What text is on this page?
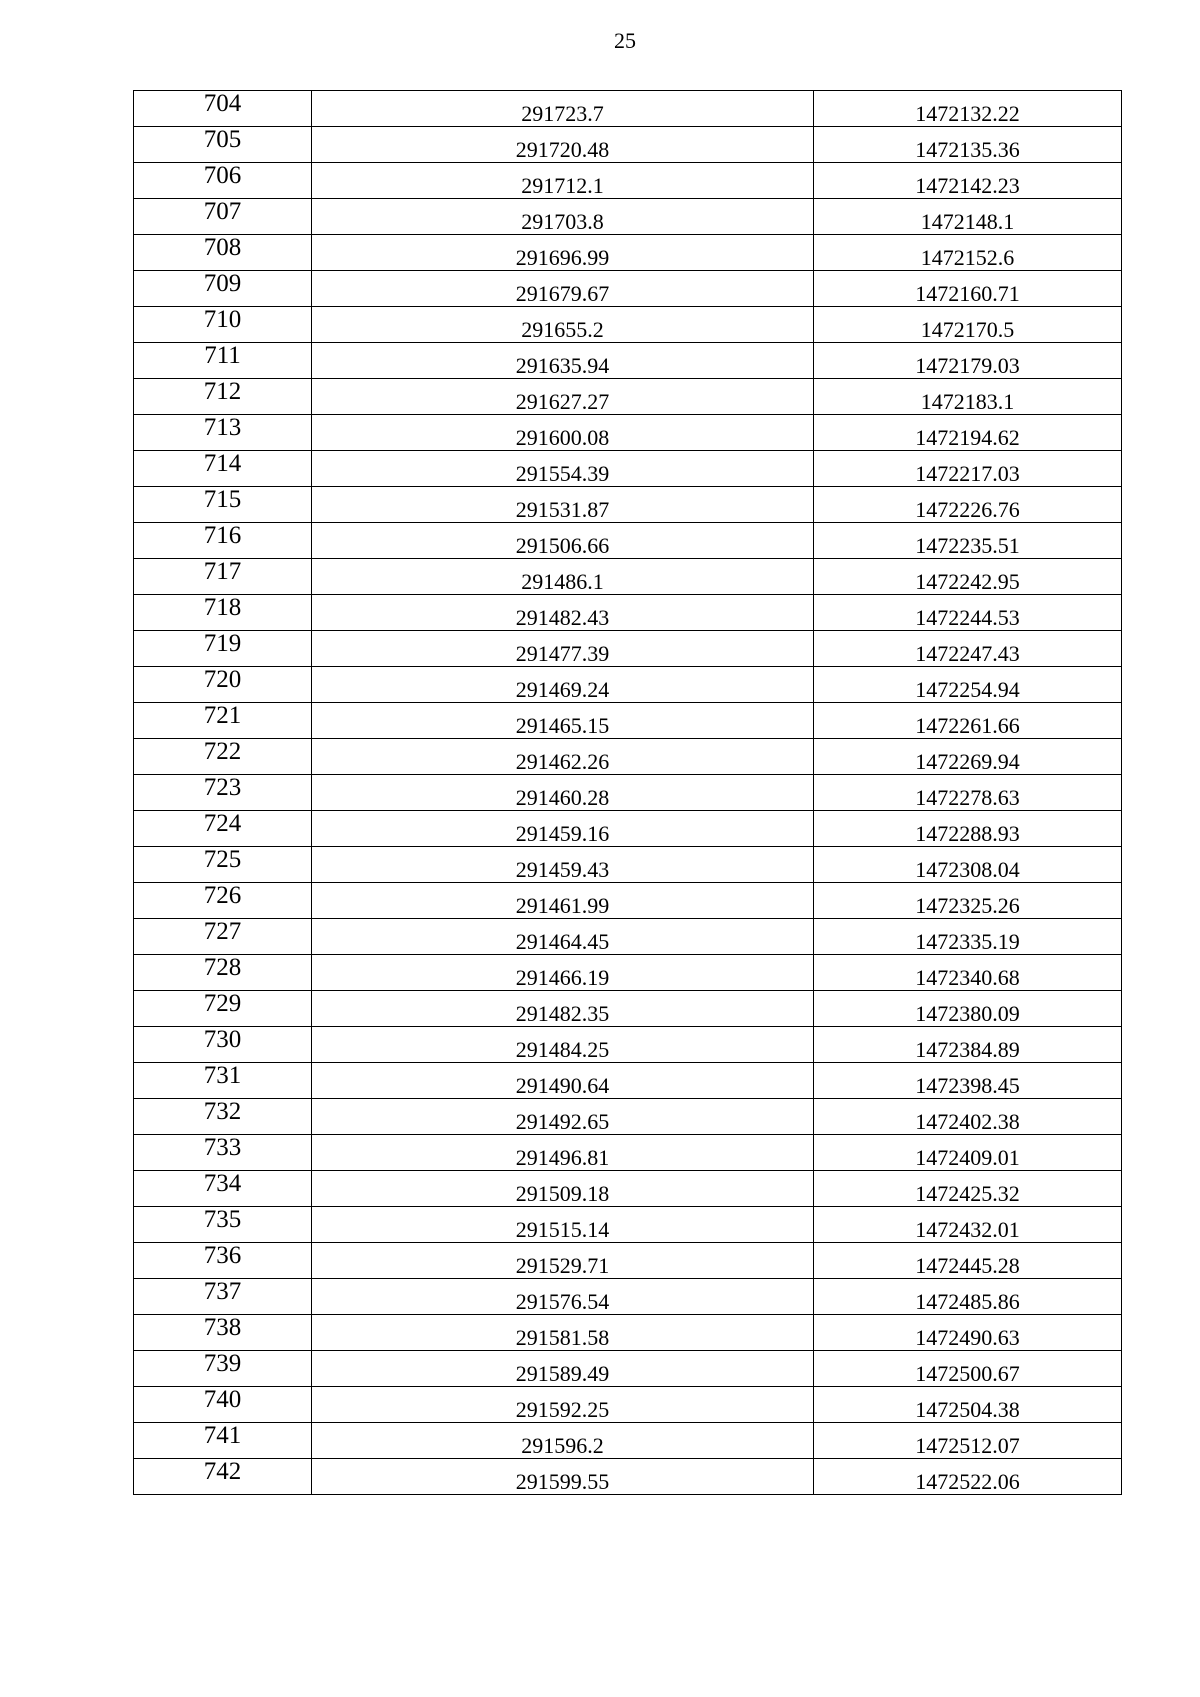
25
704	291723.7	1472132.22
705	291720.48	1472135.36
706	291712.1	1472142.23
707	291703.8	1472148.1
708	291696.99	1472152.6
709	291679.67	1472160.71
710	291655.2	1472170.5
711	291635.94	1472179.03
712	291627.27	1472183.1
713	291600.08	1472194.62
714	291554.39	1472217.03
715	291531.87	1472226.76
716	291506.66	1472235.51
717	291486.1	1472242.95
718	291482.43	1472244.53
719	291477.39	1472247.43
720	291469.24	1472254.94
721	291465.15	1472261.66
722	291462.26	1472269.94
723	291460.28	1472278.63
724	291459.16	1472288.93
725	291459.43	1472308.04
726	291461.99	1472325.26
727	291464.45	1472335.19
728	291466.19	1472340.68
729	291482.35	1472380.09
730	291484.25	1472384.89
731	291490.64	1472398.45
732	291492.65	1472402.38
733	291496.81	1472409.01
734	291509.18	1472425.32
735	291515.14	1472432.01
736	291529.71	1472445.28
737	291576.54	1472485.86
738	291581.58	1472490.63
739	291589.49	1472500.67
740	291592.25	1472504.38
741	291596.2	1472512.07
742	291599.55	1472522.06
